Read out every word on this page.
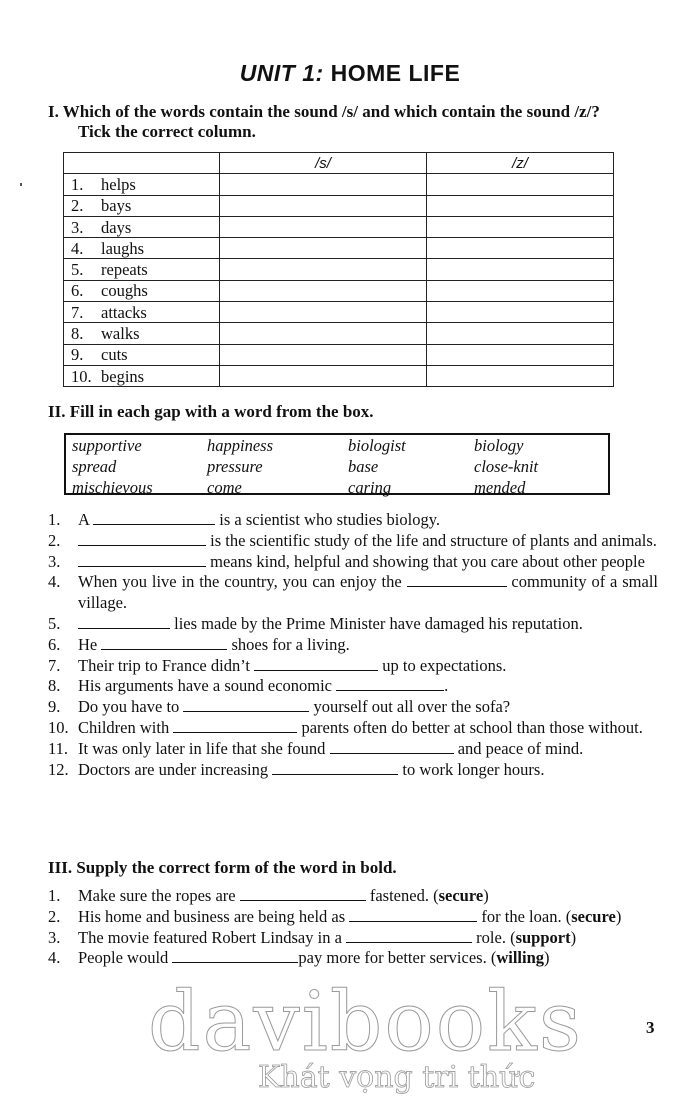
UNIT 1: HOME LIFE
I. Which of the words contain the sound /s/ and which contain the sound /z/?
Tick the correct column.
	/s/	/z/
1. helps		
2. bays		
3. days		
4. laughs		
5. repeats		
6. coughs		
7. attacks		
8. walks		
9. cuts		
10. begins		
II. Fill in each gap with a word from the box.
supportive	happiness	biologist	biology
spread	pressure	base	close-knit
mischievous	come	caring	mended
1.	A	is a scientist who studies biology.
2.	is the scientific study of the life and structure of plants and animals.
3.	means kind, helpful and showing that you care about other people
4.	When you live in the country, you can enjoy the	community of a small village.
5.	lies made by the Prime Minister have damaged his reputation.
6.	He	shoes for a living.
7.	Their trip to France didn’t	up to expectations.
8.	His arguments have a sound economic	.
9.	Do you have to	yourself out all over the sofa?
10. Children with	parents often do better at school than those without.
11. It was only later in life that she found	and peace of mind.
12. Doctors are under increasing	to work longer hours.
III. Supply the correct form of the word in bold.
1.	Make sure the ropes are	fastened. (secure)
2.	His home and business are being held as	for the loan. (secure)
3.	The movie featured Robert Lindsay in a	role. (support)
4.	People would	pay more for better services. (willing)
3
davibooks
Khát vọng tri thức
